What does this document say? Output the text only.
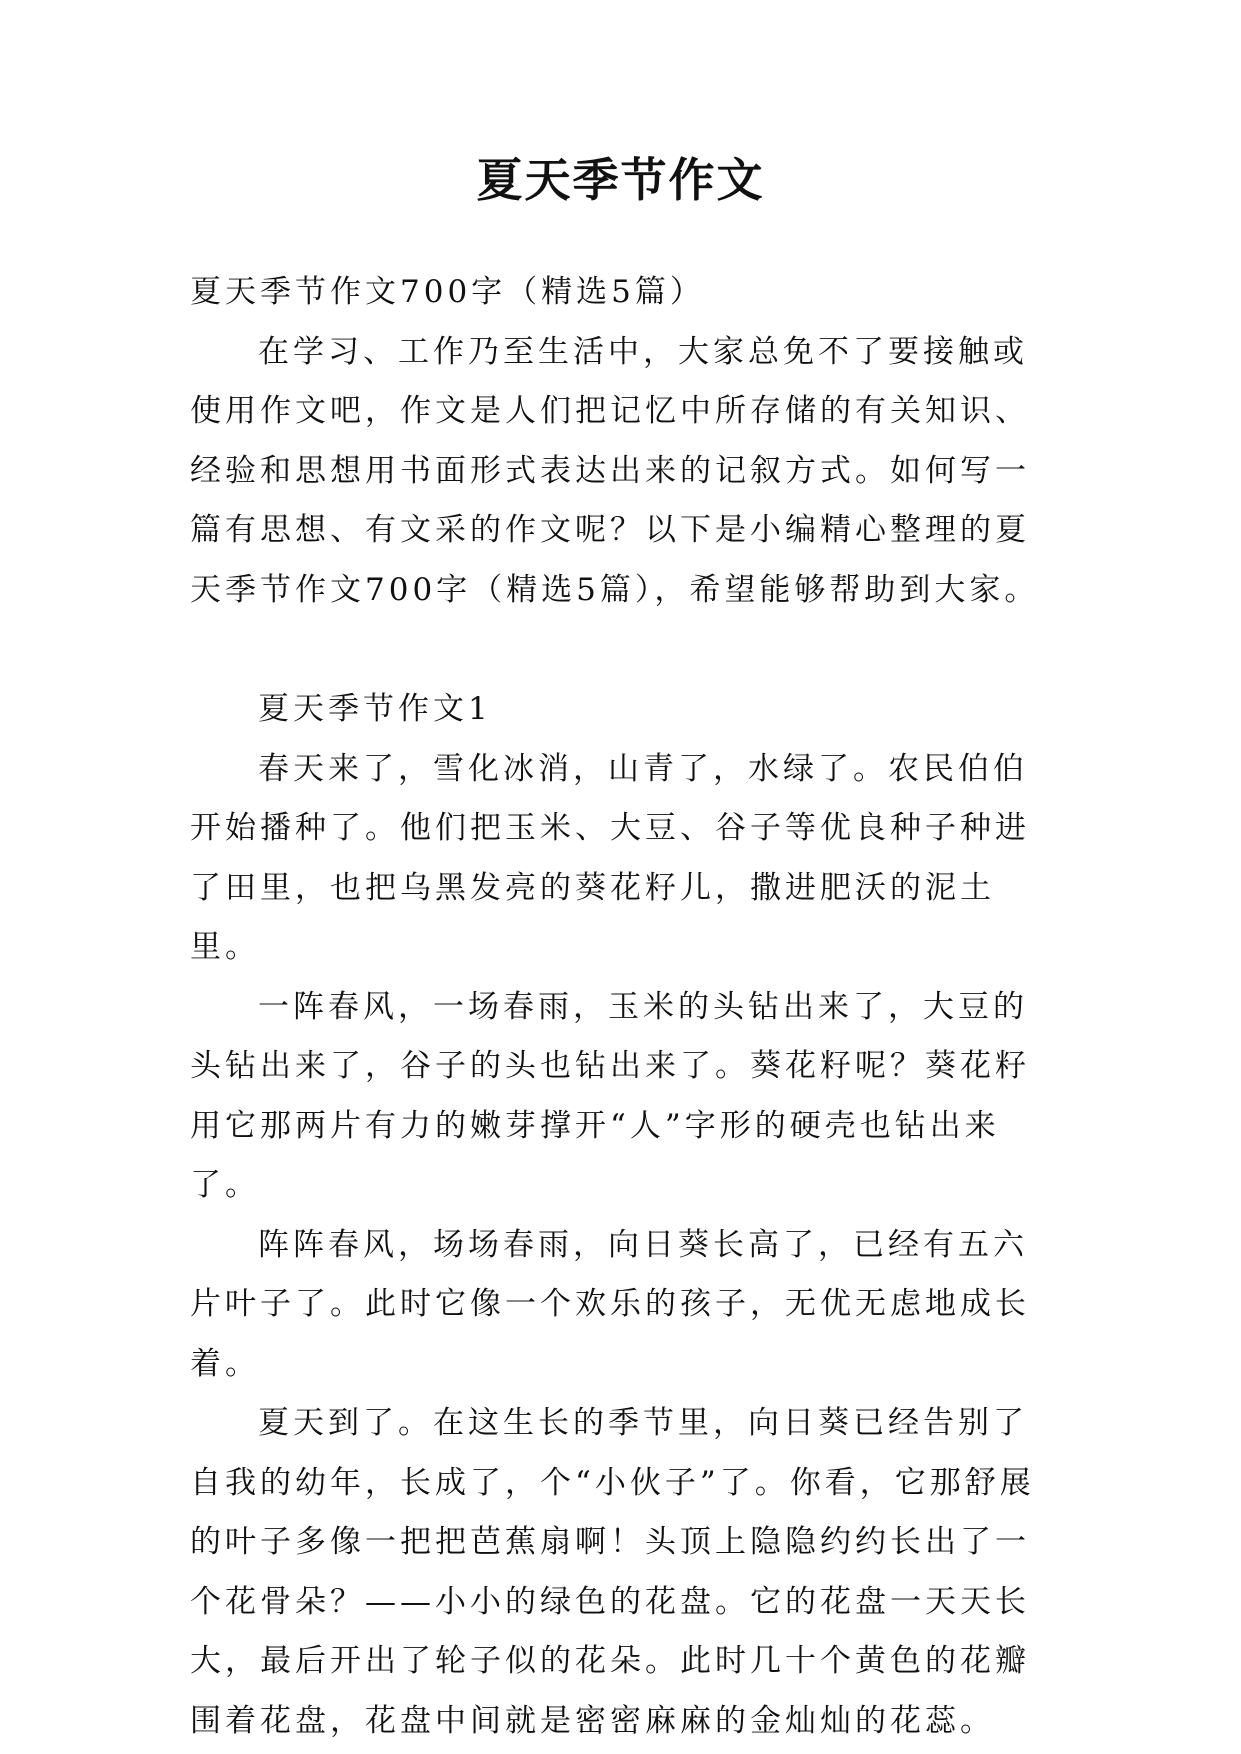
夏天季节作文

夏天季节作文700字（精选5篇）

在学习、工作乃至生活中，大家总免不了要接触或使用作文吧，作文是人们把记忆中所存储的有关知识、经验和思想用书面形式表达出来的记叙方式。如何写一篇有思想、有文采的作文呢？以下是小编精心整理的夏天季节作文700字（精选5篇），希望能够帮助到大家。

夏天季节作文1

春天来了，雪化冰消，山青了，水绿了。农民伯伯开始播种了。他们把玉米、大豆、谷子等优良种子种进了田里，也把乌黑发亮的葵花籽儿，撒进肥沃的泥土里。

一阵春风，一场春雨，玉米的头钻出来了，大豆的头钻出来了，谷子的头也钻出来了。葵花籽呢？葵花籽用它那两片有力的嫩芽撑开“人”字形的硬壳也钻出来了。

阵阵春风，场场春雨，向日葵长高了，已经有五六片叶子了。此时它像一个欢乐的孩子，无优无虑地成长着。

夏天到了。在这生长的季节里，向日葵已经告别了自我的幼年，长成了，个“小伙子”了。你看，它那舒展的叶子多像一把把芭蕉扇啊！头顶上隐隐约约长出了一个花骨朵？——小小的绿色的花盘。它的花盘一天天长大，最后开出了轮子似的花朵。此时几十个黄色的花瓣围着花盘，花盘中间就是密密麻麻的金灿灿的花蕊。
